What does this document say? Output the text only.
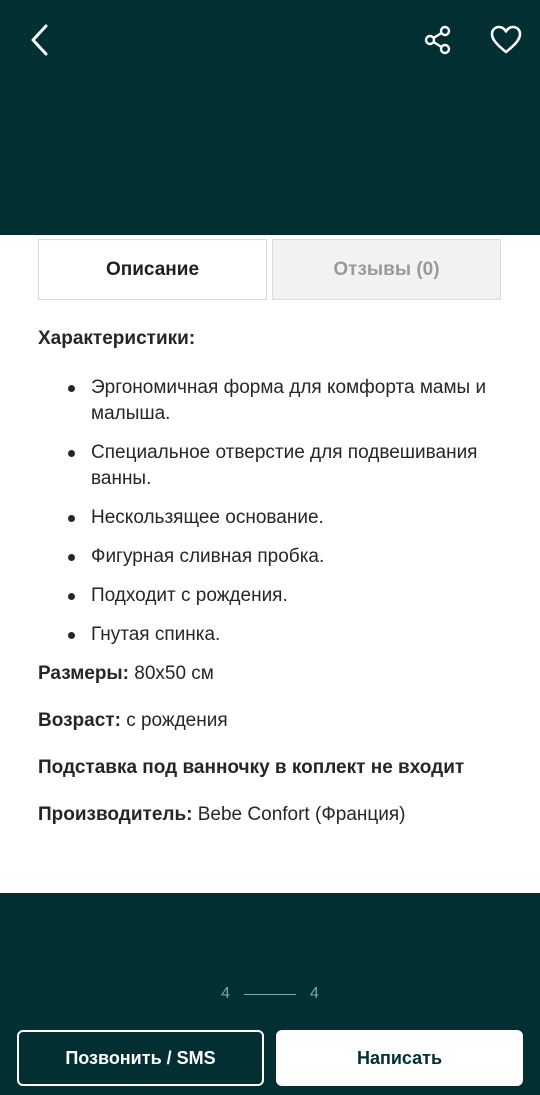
Описание	Отзывы (0)
Характеристики:
Эргономичная форма для комфорта мамы и малыша.
Специальное отверстие для подвешивания ванны.
Нескользящее основание.
Фигурная сливная пробка.
Подходит с рождения.
Гнутая спинка.
Размеры: 80x50 см
Возраст: с рождения
Подставка под ванночку в коплект не входит
Производитель: Bebe Confort (Франция)
4	4
Позвонить / SMS	Написать
